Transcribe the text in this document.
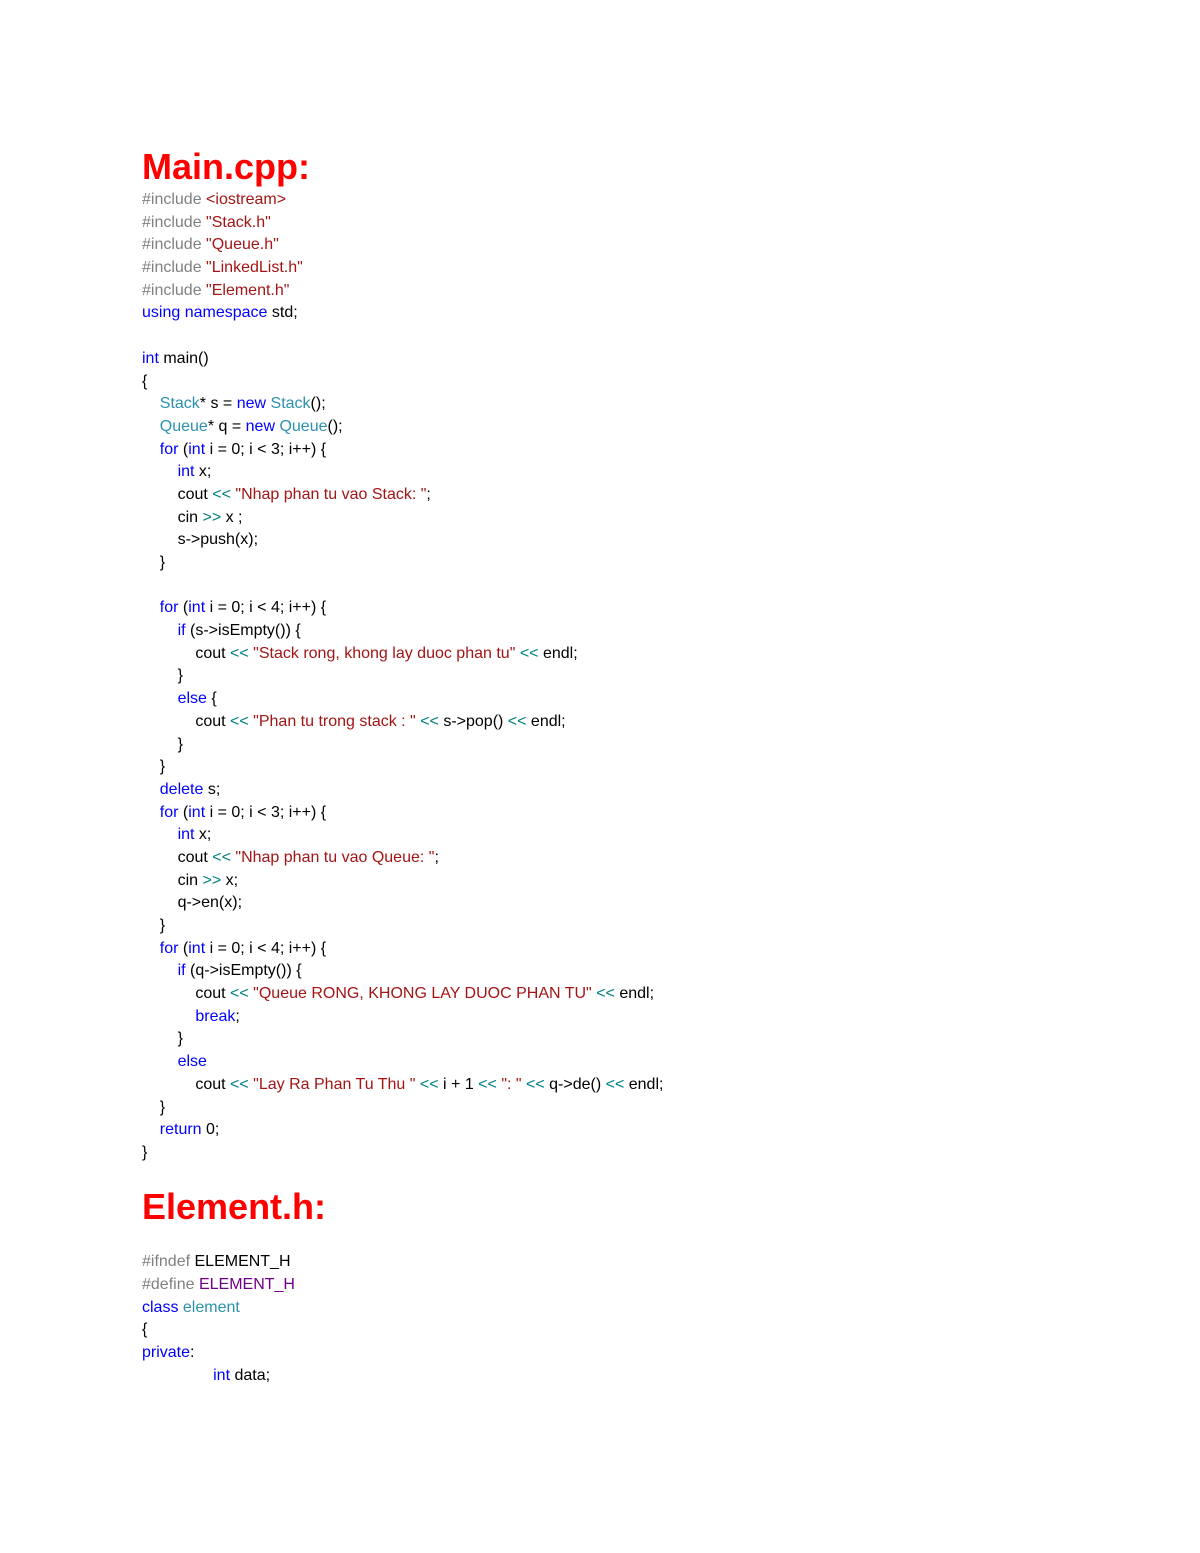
Main.cpp:
#include <iostream>
#include "Stack.h"
#include "Queue.h"
#include "LinkedList.h"
#include "Element.h"
using namespace std;
int main()
{
Stack* s = new Stack();
Queue* q = new Queue();
for (int i = 0; i < 3; i++) {
int x;
cout << "Nhap phan tu vao Stack: ";
cin >> x ;
s->push(x);
}
for (int i = 0; i < 4; i++) {
if (s->isEmpty()) {
cout << "Stack rong, khong lay duoc phan tu" << endl;
}
else {
cout << "Phan tu trong stack : " << s->pop() << endl;
}
}
delete s;
for (int i = 0; i < 3; i++) {
int x;
cout << "Nhap phan tu vao Queue: ";
cin >> x;
q->en(x);
}
for (int i = 0; i < 4; i++) {
if (q->isEmpty()) {
cout << "Queue RONG, KHONG LAY DUOC PHAN TU" << endl;
break;
}
else
cout << "Lay Ra Phan Tu Thu " << i + 1 << ": " << q->de() << endl;
}
return 0;
}
Element.h:
#ifndef ELEMENT_H
#define ELEMENT_H
class element
{
private:
int data;
